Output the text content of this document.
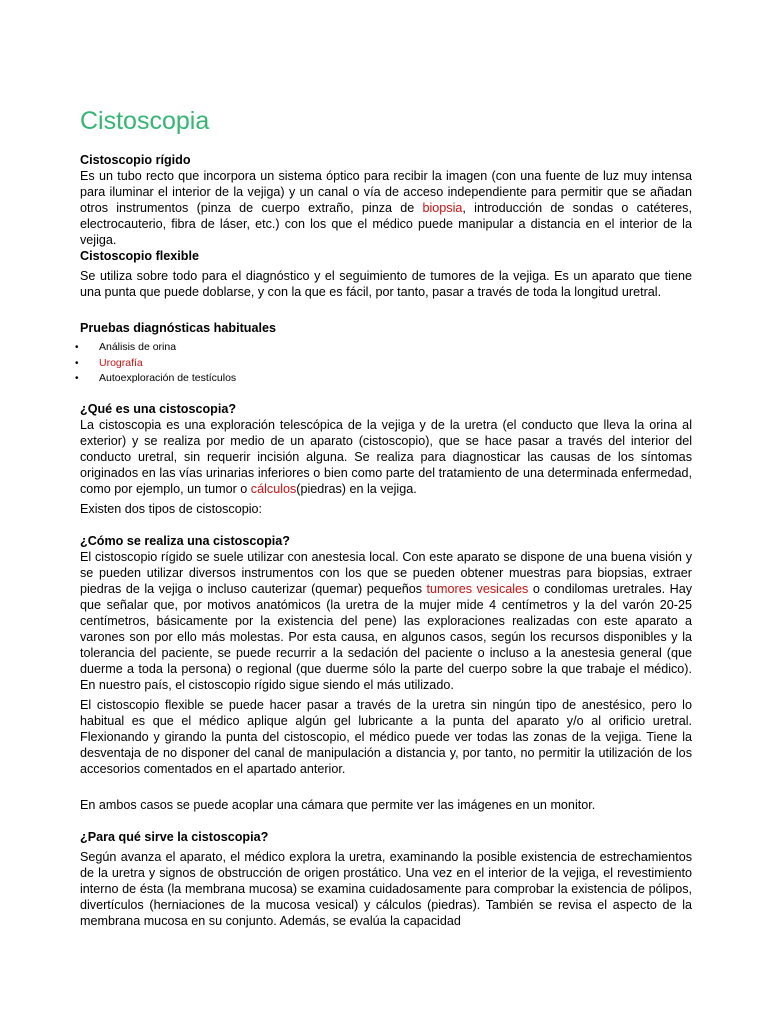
Cistoscopia
Cistoscopio rígido

Es un tubo recto que incorpora un sistema óptico para recibir la imagen (con una fuente de luz muy intensa para iluminar el interior de la vejiga) y un canal o vía de acceso independiente para permitir que se añadan otros instrumentos (pinza de cuerpo extraño, pinza de biopsia, introducción de sondas o catéteres, electrocauterio, fibra de láser, etc.) con los que el médico puede manipular a distancia en el interior de la vejiga.

Cistoscopio flexible

Se utiliza sobre todo para el diagnóstico y el seguimiento de tumores de la vejiga. Es un aparato que tiene una punta que puede doblarse, y con la que es fácil, por tanto, pasar a través de toda la longitud uretral.

Pruebas diagnósticas habituales
• Análisis de orina
• Urografía
• Autoexploración de testículos
¿Qué es una cistoscopia?

La cistoscopia es una exploración telescópica de la vejiga y de la uretra (el conducto que lleva la orina al exterior) y se realiza por medio de un aparato (cistoscopio), que se hace pasar a través del interior del conducto uretral, sin requerir incisión alguna. Se realiza para diagnosticar las causas de los síntomas originados en las vías urinarias inferiores o bien como parte del tratamiento de una determinada enfermedad, como por ejemplo, un tumor o cálculos(piedras) en la vejiga.

Existen dos tipos de cistoscopio:

¿Cómo se realiza una cistoscopia?

El cistoscopio rígido se suele utilizar con anestesia local. Con este aparato se dispone de una buena visión y se pueden utilizar diversos instrumentos con los que se pueden obtener muestras para biopsias, extraer piedras de la vejiga o incluso cauterizar (quemar) pequeños tumores vesicales o condilomas uretrales. Hay que señalar que, por motivos anatómicos (la uretra de la mujer mide 4 centímetros y la del varón 20-25 centímetros, básicamente por la existencia del pene) las exploraciones realizadas con este aparato a varones son por ello más molestas. Por esta causa, en algunos casos, según los recursos disponibles y la tolerancia del paciente, se puede recurrir a la sedación del paciente o incluso a la anestesia general (que duerme a toda la persona) o regional (que duerme sólo la parte del cuerpo sobre la que trabaje el médico). En nuestro país, el cistoscopio rígido sigue siendo el más utilizado.

El cistoscopio flexible se puede hacer pasar a través de la uretra sin ningún tipo de anestésico, pero lo habitual es que el médico aplique algún gel lubricante a la punta del aparato y/o al orificio uretral. Flexionando y girando la punta del cistoscopio, el médico puede ver todas las zonas de la vejiga. Tiene la desventaja de no disponer del canal de manipulación a distancia y, por tanto, no permitir la utilización de los accesorios comentados en el apartado anterior.

En ambos casos se puede acoplar una cámara que permite ver las imágenes en un monitor.

¿Para qué sirve la cistoscopia?

Según avanza el aparato, el médico explora la uretra, examinando la posible existencia de estrechamientos de la uretra y signos de obstrucción de origen prostático. Una vez en el interior de la vejiga, el revestimiento interno de ésta (la membrana mucosa) se examina cuidadosamente para comprobar la existencia de pólipos, divertículos (herniaciones de la mucosa vesical) y cálculos (piedras). También se revisa el aspecto de la membrana mucosa en su conjunto. Además, se evalúa la capacidad
